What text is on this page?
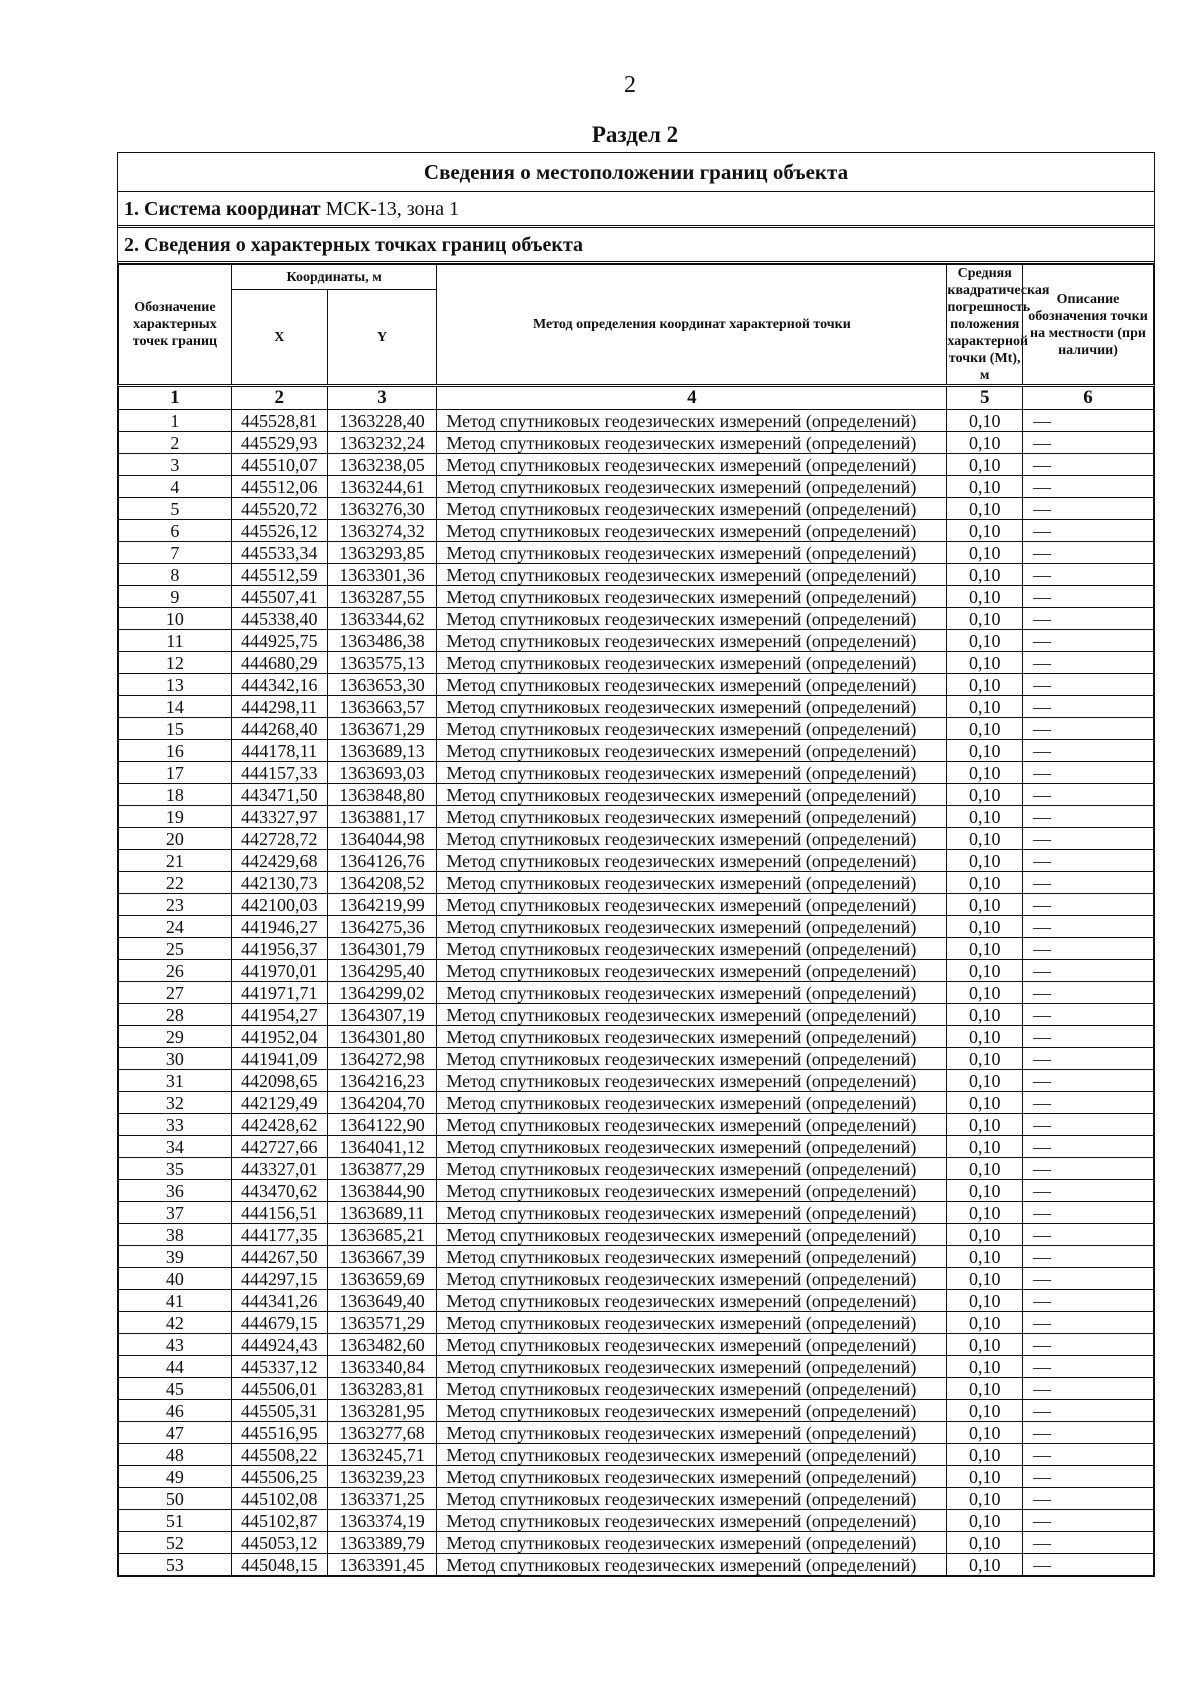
2
Раздел 2
Сведения о местоположении границ объекта
1. Система координат МСК-13, зона 1
2. Сведения о характерных точках границ объекта
Обозначение характерных точек границ	Координаты, м		Метод определения координат характерной точки	Средняя квадратическая погрешность положения характерной точки (Mt), м	Описание обозначения точки на местности (при наличии)
	X	Y			
1	2	3	4	5	6
1	445528,81	1363228,40	Метод спутниковых геодезических измерений (определений)	0,10	—
2	445529,93	1363232,24	Метод спутниковых геодезических измерений (определений)	0,10	—
3	445510,07	1363238,05	Метод спутниковых геодезических измерений (определений)	0,10	—
4	445512,06	1363244,61	Метод спутниковых геодезических измерений (определений)	0,10	—
5	445520,72	1363276,30	Метод спутниковых геодезических измерений (определений)	0,10	—
6	445526,12	1363274,32	Метод спутниковых геодезических измерений (определений)	0,10	—
7	445533,34	1363293,85	Метод спутниковых геодезических измерений (определений)	0,10	—
8	445512,59	1363301,36	Метод спутниковых геодезических измерений (определений)	0,10	—
9	445507,41	1363287,55	Метод спутниковых геодезических измерений (определений)	0,10	—
10	445338,40	1363344,62	Метод спутниковых геодезических измерений (определений)	0,10	—
11	444925,75	1363486,38	Метод спутниковых геодезических измерений (определений)	0,10	—
12	444680,29	1363575,13	Метод спутниковых геодезических измерений (определений)	0,10	—
13	444342,16	1363653,30	Метод спутниковых геодезических измерений (определений)	0,10	—
14	444298,11	1363663,57	Метод спутниковых геодезических измерений (определений)	0,10	—
15	444268,40	1363671,29	Метод спутниковых геодезических измерений (определений)	0,10	—
16	444178,11	1363689,13	Метод спутниковых геодезических измерений (определений)	0,10	—
17	444157,33	1363693,03	Метод спутниковых геодезических измерений (определений)	0,10	—
18	443471,50	1363848,80	Метод спутниковых геодезических измерений (определений)	0,10	—
19	443327,97	1363881,17	Метод спутниковых геодезических измерений (определений)	0,10	—
20	442728,72	1364044,98	Метод спутниковых геодезических измерений (определений)	0,10	—
21	442429,68	1364126,76	Метод спутниковых геодезических измерений (определений)	0,10	—
22	442130,73	1364208,52	Метод спутниковых геодезических измерений (определений)	0,10	—
23	442100,03	1364219,99	Метод спутниковых геодезических измерений (определений)	0,10	—
24	441946,27	1364275,36	Метод спутниковых геодезических измерений (определений)	0,10	—
25	441956,37	1364301,79	Метод спутниковых геодезических измерений (определений)	0,10	—
26	441970,01	1364295,40	Метод спутниковых геодезических измерений (определений)	0,10	—
27	441971,71	1364299,02	Метод спутниковых геодезических измерений (определений)	0,10	—
28	441954,27	1364307,19	Метод спутниковых геодезических измерений (определений)	0,10	—
29	441952,04	1364301,80	Метод спутниковых геодезических измерений (определений)	0,10	—
30	441941,09	1364272,98	Метод спутниковых геодезических измерений (определений)	0,10	—
31	442098,65	1364216,23	Метод спутниковых геодезических измерений (определений)	0,10	—
32	442129,49	1364204,70	Метод спутниковых геодезических измерений (определений)	0,10	—
33	442428,62	1364122,90	Метод спутниковых геодезических измерений (определений)	0,10	—
34	442727,66	1364041,12	Метод спутниковых геодезических измерений (определений)	0,10	—
35	443327,01	1363877,29	Метод спутниковых геодезических измерений (определений)	0,10	—
36	443470,62	1363844,90	Метод спутниковых геодезических измерений (определений)	0,10	—
37	444156,51	1363689,11	Метод спутниковых геодезических измерений (определений)	0,10	—
38	444177,35	1363685,21	Метод спутниковых геодезических измерений (определений)	0,10	—
39	444267,50	1363667,39	Метод спутниковых геодезических измерений (определений)	0,10	—
40	444297,15	1363659,69	Метод спутниковых геодезических измерений (определений)	0,10	—
41	444341,26	1363649,40	Метод спутниковых геодезических измерений (определений)	0,10	—
42	444679,15	1363571,29	Метод спутниковых геодезических измерений (определений)	0,10	—
43	444924,43	1363482,60	Метод спутниковых геодезических измерений (определений)	0,10	—
44	445337,12	1363340,84	Метод спутниковых геодезических измерений (определений)	0,10	—
45	445506,01	1363283,81	Метод спутниковых геодезических измерений (определений)	0,10	—
46	445505,31	1363281,95	Метод спутниковых геодезических измерений (определений)	0,10	—
47	445516,95	1363277,68	Метод спутниковых геодезических измерений (определений)	0,10	—
48	445508,22	1363245,71	Метод спутниковых геодезических измерений (определений)	0,10	—
49	445506,25	1363239,23	Метод спутниковых геодезических измерений (определений)	0,10	—
50	445102,08	1363371,25	Метод спутниковых геодезических измерений (определений)	0,10	—
51	445102,87	1363374,19	Метод спутниковых геодезических измерений (определений)	0,10	—
52	445053,12	1363389,79	Метод спутниковых геодезических измерений (определений)	0,10	—
53	445048,15	1363391,45	Метод спутниковых геодезических измерений (определений)	0,10	—
